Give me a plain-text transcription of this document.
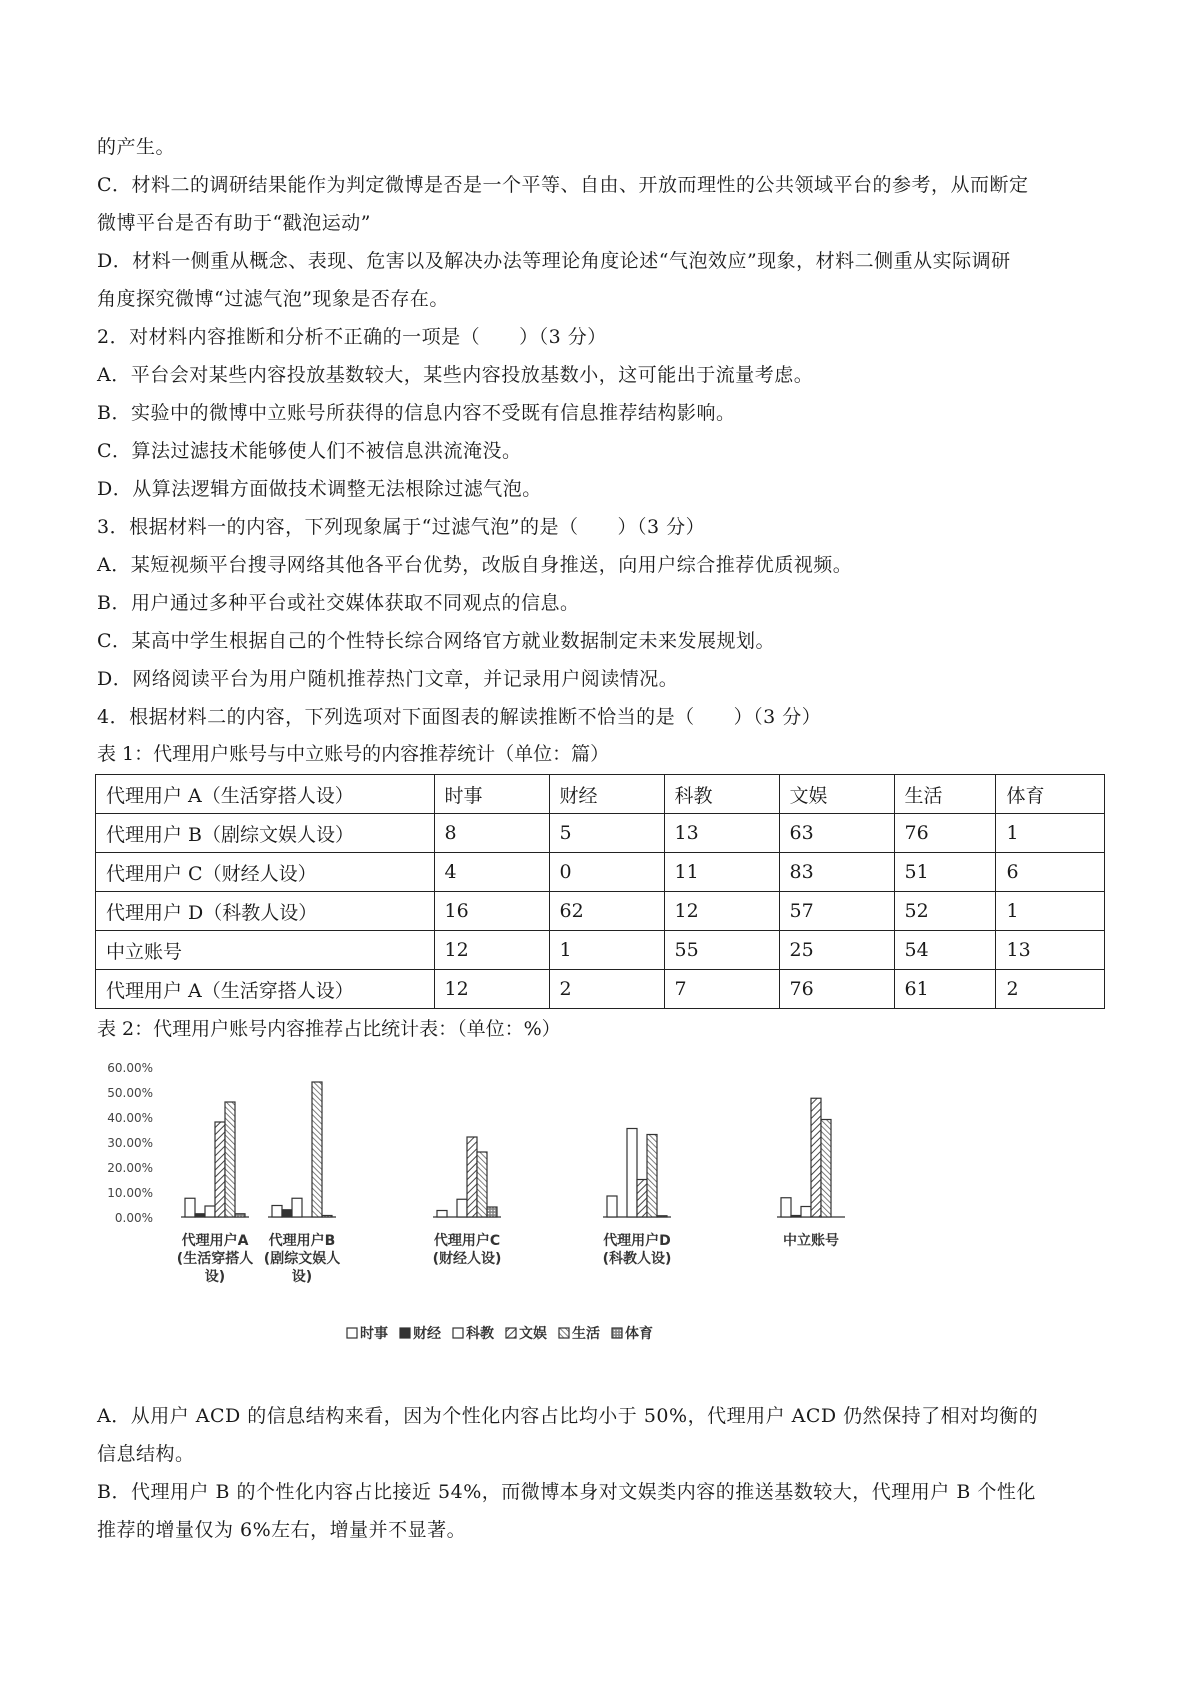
的产生。

C．材料二的调研结果能作为判定微博是否是一个平等、自由、开放而理性的公共领域平台的参考，从而断定

微博平台是否有助于“戳泡运动”

D．材料一侧重从概念、表现、危害以及解决办法等理论角度论述“气泡效应”现象，材料二侧重从实际调研

角度探究微博“过滤气泡”现象是否存在。

2．对材料内容推断和分析不正确的一项是（　　）（3 分）

A．平台会对某些内容投放基数较大，某些内容投放基数小，这可能出于流量考虑。

B．实验中的微博中立账号所获得的信息内容不受既有信息推荐结构影响。

C．算法过滤技术能够使人们不被信息洪流淹没。

D．从算法逻辑方面做技术调整无法根除过滤气泡。

3．根据材料一的内容，下列现象属于“过滤气泡”的是（　　）（3 分）

A．某短视频平台搜寻网络其他各平台优势，改版自身推送，向用户综合推荐优质视频。

B．用户通过多种平台或社交媒体获取不同观点的信息。

C．某高中学生根据自己的个性特长综合网络官方就业数据制定未来发展规划。

D．网络阅读平台为用户随机推荐热门文章，并记录用户阅读情况。

4．根据材料二的内容，下列选项对下面图表的解读推断不恰当的是（　　）（3 分）

表 1：代理用户账号与中立账号的内容推荐统计（单位：篇）

代理用户 A（生活穿搭人设）	时事	财经	科教	文娱	生活	体育
代理用户 B（剧综文娱人设）	8	5	13	63	76	1
代理用户 C（财经人设）	4	0	11	83	51	6
代理用户 D（科教人设）	16	62	12	57	52	1
中立账号	12	1	55	25	54	13
代理用户 A（生活穿搭人设）	12	2	7	76	61	2

表 2：代理用户账号内容推荐占比统计表：（单位：%）

60.00%
50.00%
40.00%
30.00%
20.00%
10.00%
0.00%
代理用户A
(生活穿搭人
设)
代理用户B
(剧综文娱人
设)
代理用户C
(财经人设)
代理用户D
(科教人设)
中立账号
时事 财经 科教 文娱 生活 体育

A．从用户 ACD 的信息结构来看，因为个性化内容占比均小于 50%，代理用户 ACD 仍然保持了相对均衡的

信息结构。

B．代理用户 B 的个性化内容占比接近 54%，而微博本身对文娱类内容的推送基数较大，代理用户 B 个性化

推荐的增量仅为 6%左右，增量并不显著。
